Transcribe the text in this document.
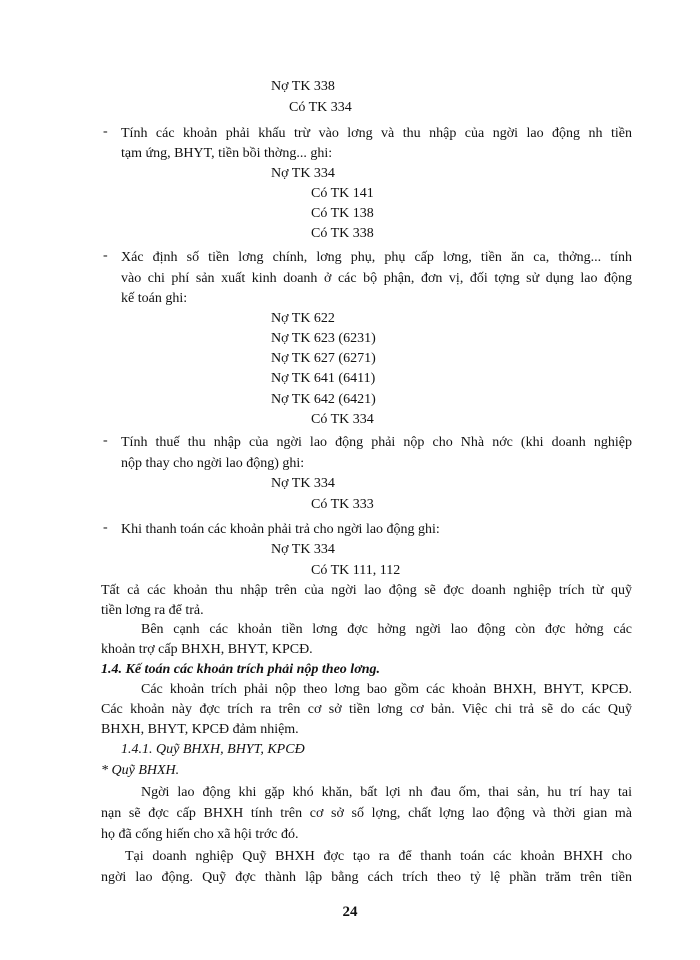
Nợ TK 338
Có TK 334
- Tính các khoản phải khấu trừ vào lơng và thu nhập của ngời lao động nh tiền
tạm ứng, BHYT, tiền bồi thờng... ghi:
Nợ TK 334
Có TK 141
Có TK 138
Có TK 338
- Xác định số tiền lơng chính, lơng phụ, phụ cấp lơng, tiền ăn ca, thởng... tính
vào chi phí sản xuất kinh doanh ở các bộ phận, đơn vị, đối tợng sử dụng lao động
kế toán ghi:
Nợ TK 622
Nợ TK 623 (6231)
Nợ TK 627 (6271)
Nợ TK 641 (6411)
Nợ TK 642 (6421)
Có TK 334
- Tính thuế thu nhập của ngời lao động phải nộp cho Nhà nớc (khi doanh nghiệp
nộp thay cho ngời lao động) ghi:
Nợ TK 334
Có TK 333
- Khi thanh toán các khoản phải trả cho ngời lao động ghi:
Nợ TK 334
Có TK 111, 112
Tất cả các khoản thu nhập trên của ngời lao động sẽ đợc doanh nghiệp trích từ quỹ
tiền lơng ra để trả.
Bên cạnh các khoản tiền lơng đợc hởng ngời lao động còn đợc hởng các
khoản trợ cấp BHXH, BHYT, KPCĐ.
1.4. Kế toán các khoản trích phải nộp theo lơng.
Các khoản trích phải nộp theo lơng bao gồm các khoản BHXH, BHYT, KPCĐ.
Các khoản này đợc trích ra trên cơ sở tiền lơng cơ bản. Việc chi trả sẽ do các Quỹ
BHXH, BHYT, KPCĐ đảm nhiệm.
1.4.1. Quỹ BHXH, BHYT, KPCĐ
* Quỹ BHXH.
Ngời lao động khi gặp khó khăn, bất lợi nh đau ốm, thai sản, hu trí hay tai
nạn sẽ đợc cấp BHXH tính trên cơ sở số lợng, chất lợng lao động và thời gian mà
họ đã cống hiến cho xã hội trớc đó.
Tại doanh nghiệp Quỹ BHXH đợc tạo ra để thanh toán các khoản BHXH cho
ngời lao động. Quỹ đợc thành lập bằng cách trích theo tỷ lệ phần trăm trên tiền
24
